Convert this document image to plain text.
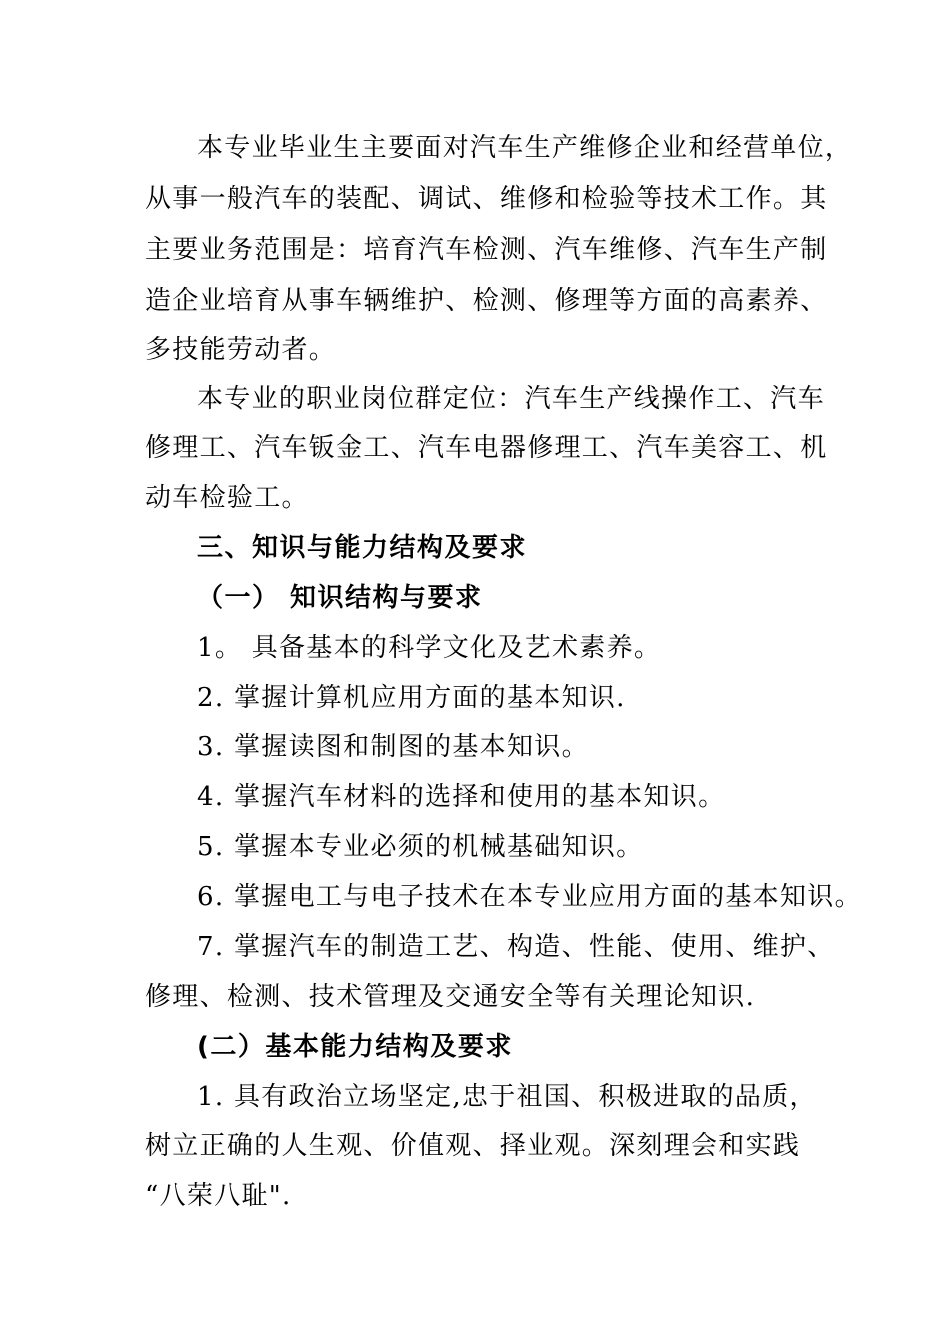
本专业毕业生主要面对汽车生产维修企业和经营单位，
从事一般汽车的装配、调试、维修和检验等技术工作。其
主要业务范围是：培育汽车检测、汽车维修、汽车生产制
造企业培育从事车辆维护、检测、修理等方面的高素养、
多技能劳动者。
本专业的职业岗位群定位：汽车生产线操作工、汽车
修理工、汽车钣金工、汽车电器修理工、汽车美容工、机
动车检验工。
三、知识与能力结构及要求
（一） 知识结构与要求
1。 具备基本的科学文化及艺术素养。
2. 掌握计算机应用方面的基本知识.
3. 掌握读图和制图的基本知识。
4. 掌握汽车材料的选择和使用的基本知识。
5. 掌握本专业必须的机械基础知识。
6. 掌握电工与电子技术在本专业应用方面的基本知识。
7. 掌握汽车的制造工艺、构造、性能、使用、维护、
修理、检测、技术管理及交通安全等有关理论知识.
(二）基本能力结构及要求
1. 具有政治立场坚定,忠于祖国、积极进取的品质，
树立正确的人生观、价值观、择业观。深刻理会和实践
“八荣八耻".
